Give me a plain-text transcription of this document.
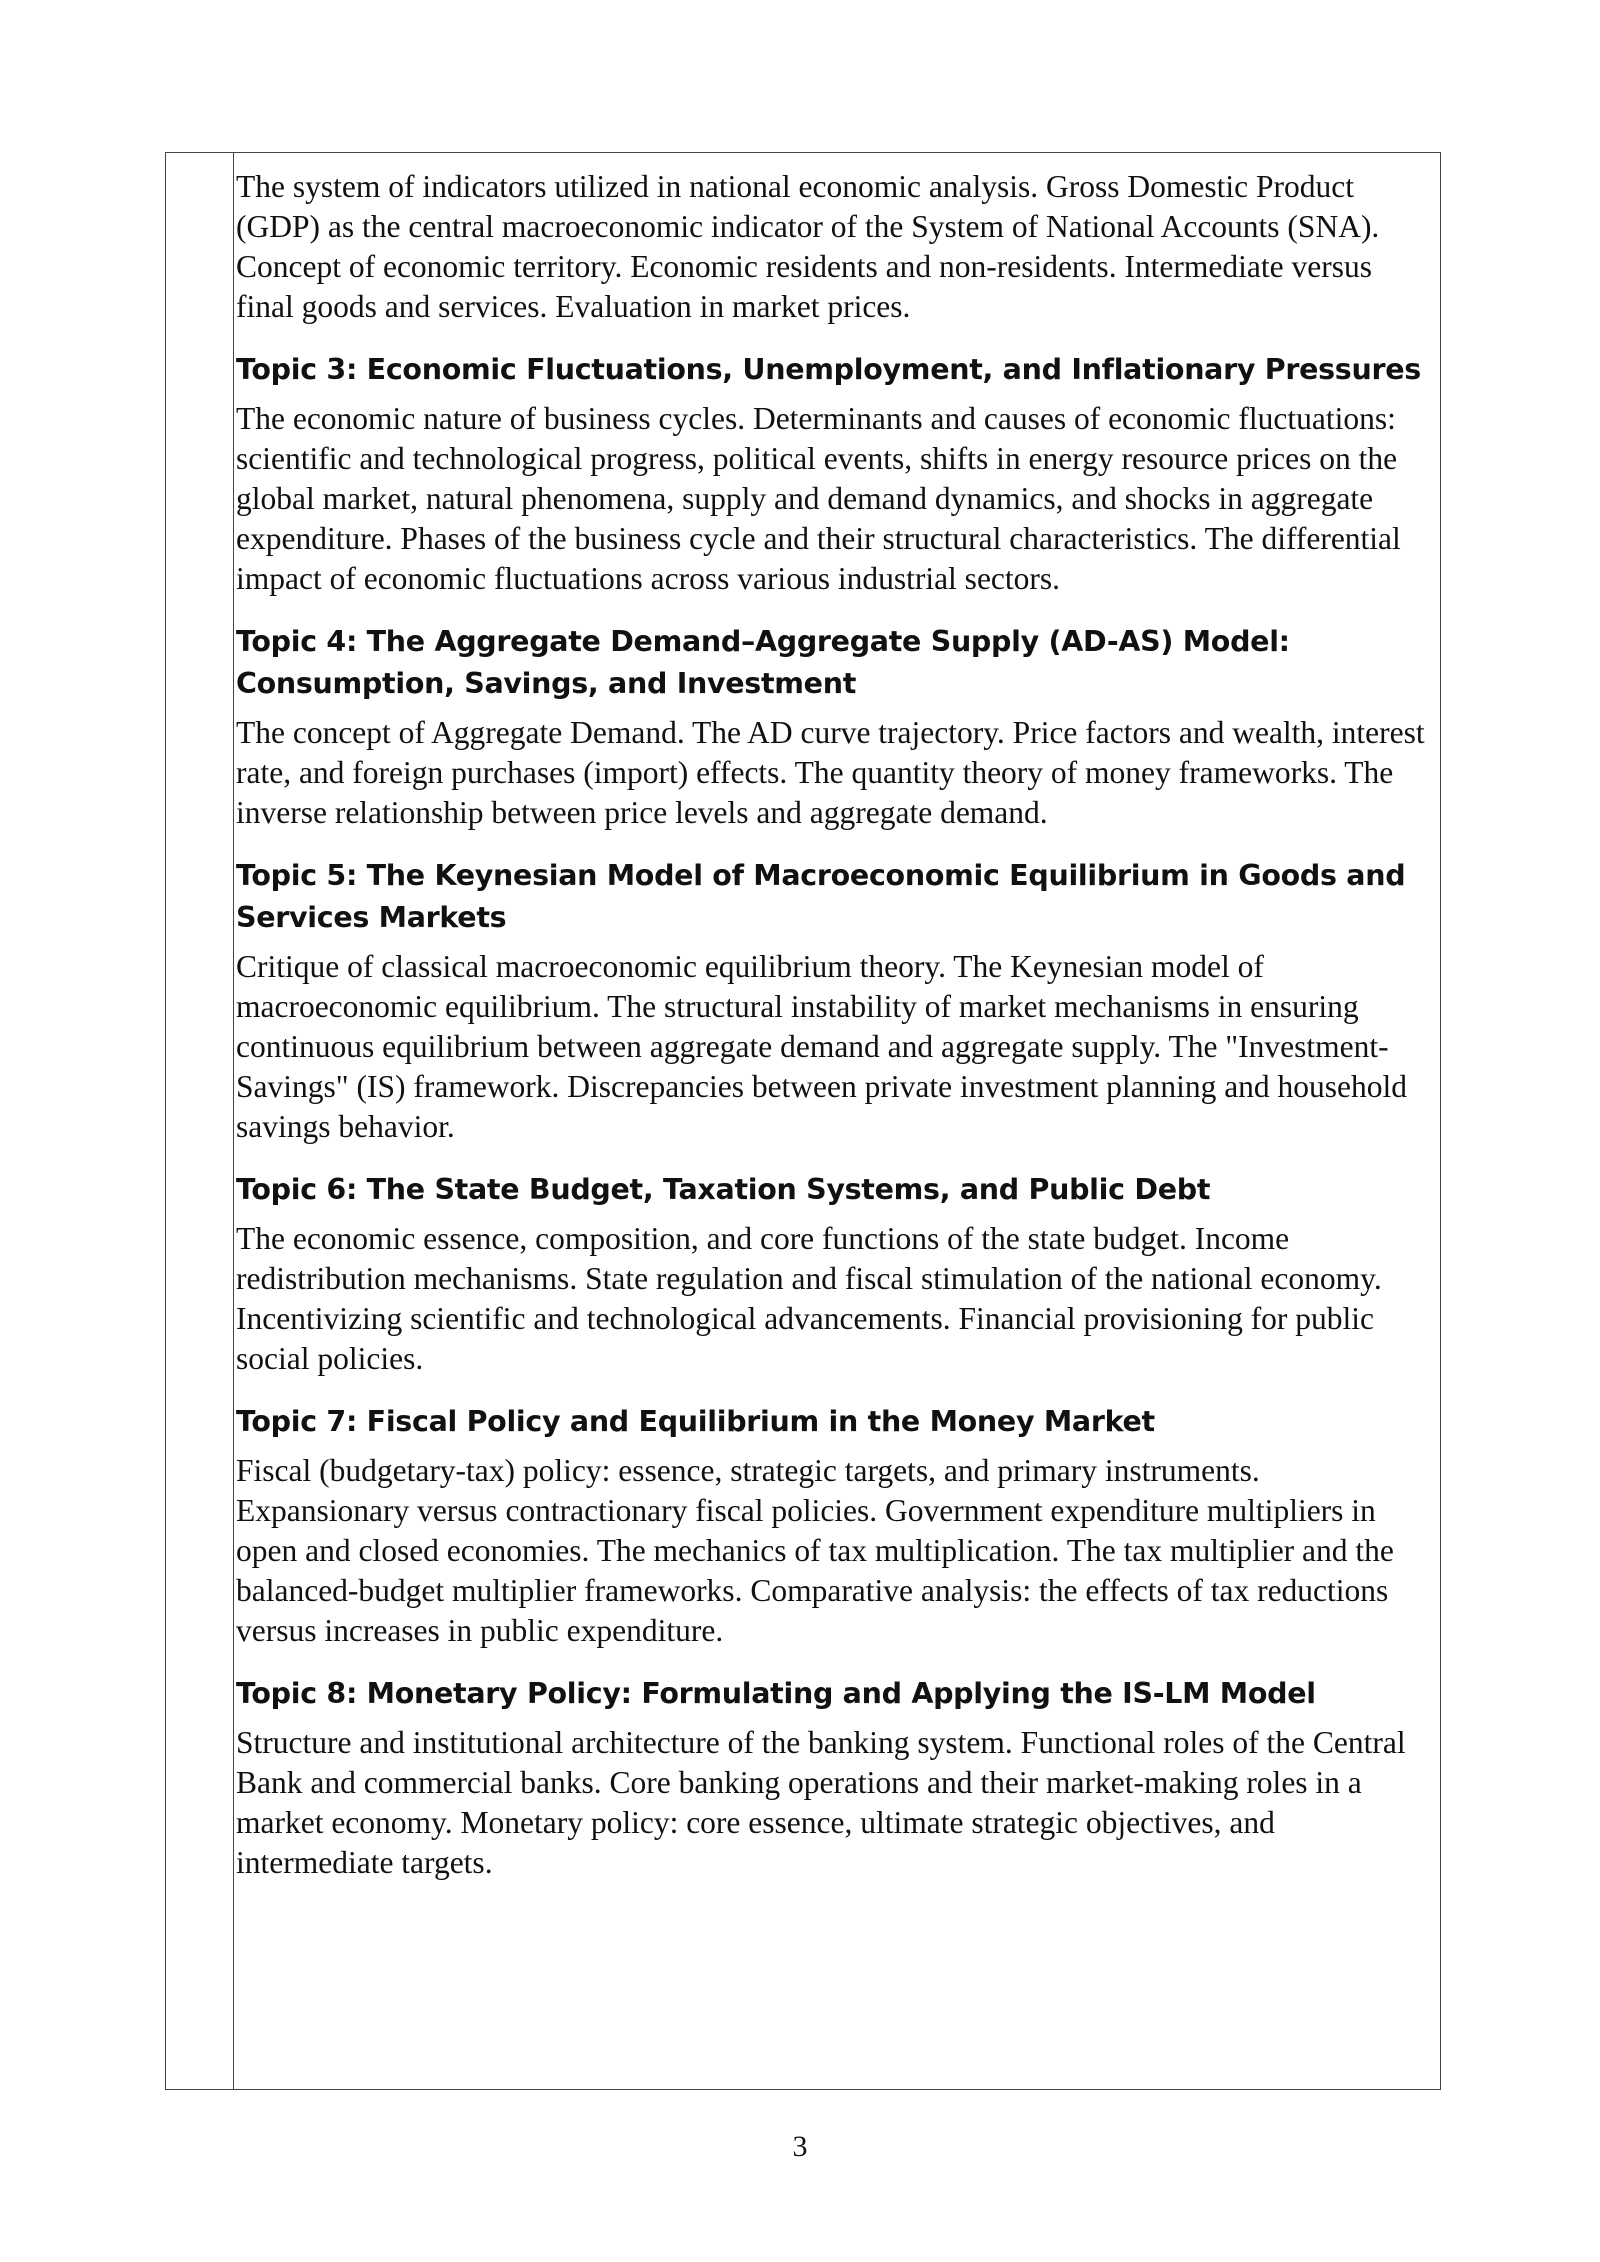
The system of indicators utilized in national economic analysis. Gross Domestic Product (GDP) as the central macroeconomic indicator of the System of National Accounts (SNA). Concept of economic territory. Economic residents and non-residents. Intermediate versus final goods and services. Evaluation in market prices.

Topic 3: Economic Fluctuations, Unemployment, and Inflationary Pressures

The economic nature of business cycles. Determinants and causes of economic fluctuations: scientific and technological progress, political events, shifts in energy resource prices on the global market, natural phenomena, supply and demand dynamics, and shocks in aggregate expenditure. Phases of the business cycle and their structural characteristics. The differential impact of economic fluctuations across various industrial sectors.

Topic 4: The Aggregate Demand–Aggregate Supply (AD-AS) Model: Consumption, Savings, and Investment

The concept of Aggregate Demand. The AD curve trajectory. Price factors and wealth, interest rate, and foreign purchases (import) effects. The quantity theory of money frameworks. The inverse relationship between price levels and aggregate demand.

Topic 5: The Keynesian Model of Macroeconomic Equilibrium in Goods and Services Markets

Critique of classical macroeconomic equilibrium theory. The Keynesian model of macroeconomic equilibrium. The structural instability of market mechanisms in ensuring continuous equilibrium between aggregate demand and aggregate supply. The "Investment-Savings" (IS) framework. Discrepancies between private investment planning and household savings behavior.

Topic 6: The State Budget, Taxation Systems, and Public Debt

The economic essence, composition, and core functions of the state budget. Income redistribution mechanisms. State regulation and fiscal stimulation of the national economy. Incentivizing scientific and technological advancements. Financial provisioning for public social policies.

Topic 7: Fiscal Policy and Equilibrium in the Money Market

Fiscal (budgetary-tax) policy: essence, strategic targets, and primary instruments. Expansionary versus contractionary fiscal policies. Government expenditure multipliers in open and closed economies. The mechanics of tax multiplication. The tax multiplier and the balanced-budget multiplier frameworks. Comparative analysis: the effects of tax reductions versus increases in public expenditure.

Topic 8: Monetary Policy: Formulating and Applying the IS-LM Model

Structure and institutional architecture of the banking system. Functional roles of the Central Bank and commercial banks. Core banking operations and their market-making roles in a market economy. Monetary policy: core essence, ultimate strategic objectives, and intermediate targets.

3
